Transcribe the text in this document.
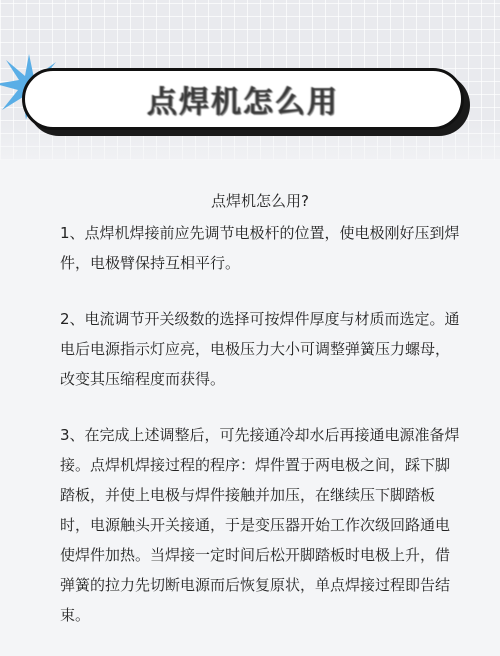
点焊机怎么用
点焊机怎么用?

1、点焊机焊接前应先调节电极杆的位置，使电极刚好压到焊件，电极臂保持互相平行。

2、电流调节开关级数的选择可按焊件厚度与材质而选定。通电后电源指示灯应亮，电极压力大小可调整弹簧压力螺母，改变其压缩程度而获得。

3、在完成上述调整后，可先接通冷却水后再接通电源准备焊接。点焊机焊接过程的程序：焊件置于两电极之间，踩下脚踏板，并使上电极与焊件接触并加压，在继续压下脚踏板时，电源触头开关接通，于是变压器开始工作次级回路通电使焊件加热。当焊接一定时间后松开脚踏板时电极上升，借弹簧的拉力先切断电源而后恢复原状，单点焊接过程即告结束。
